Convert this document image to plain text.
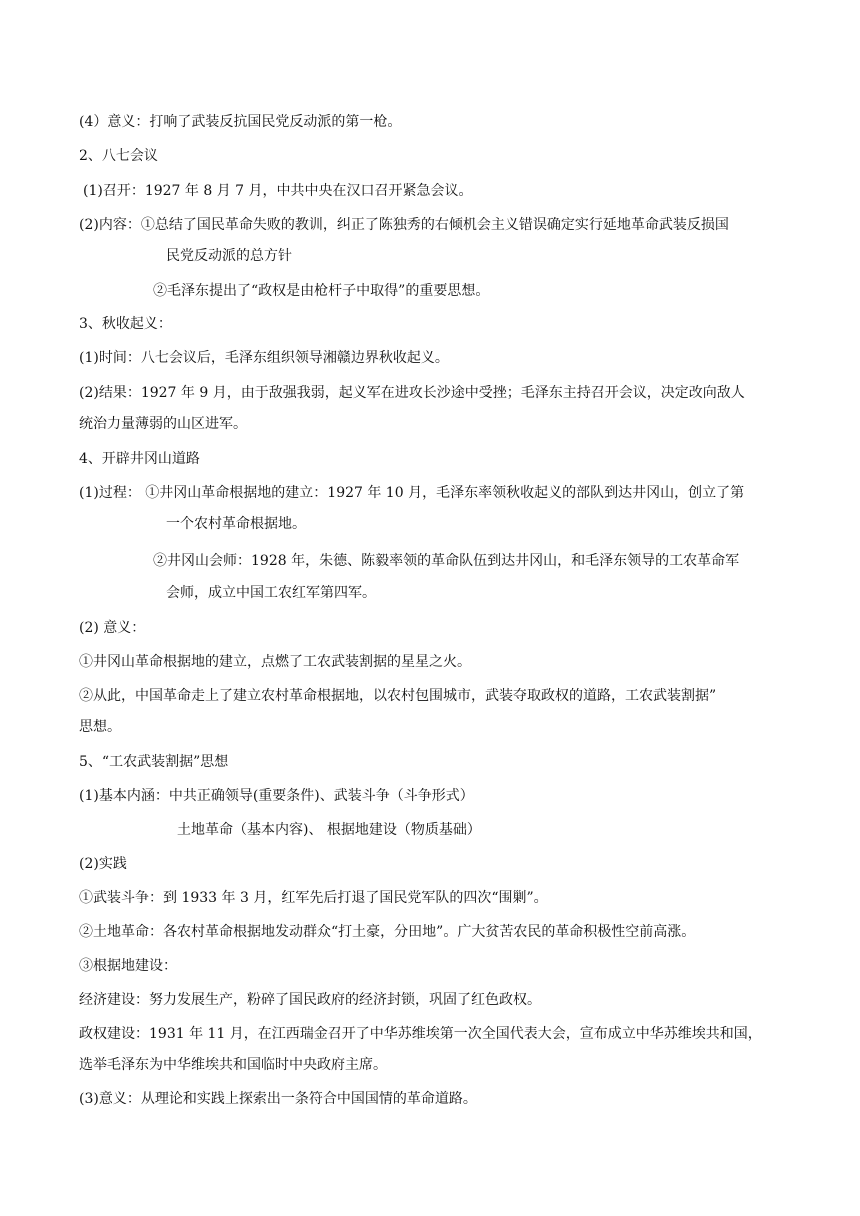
(4）意义：打响了武装反抗国民党反动派的第一枪。
2、八七会议
(1)召开：1927 年 8 月 7 月，中共中央在汉口召开紧急会议。
(2)内容：①总结了国民革命失败的教训，纠正了陈独秀的右倾机会主义错误确定实行延地革命武装反损国
民党反动派的总方针
②毛泽东提出了“政权是由枪杆子中取得”的重要思想。
3、秋收起义：
(1)时间：八七会议后，毛泽东组织领导湘赣边界秋收起义。
(2)结果：1927 年 9 月，由于敌强我弱，起义军在进攻长沙途中受挫；毛泽东主持召开会议，决定改向敌人
统治力量薄弱的山区进军。
4、开辟井冈山道路
(1)过程： ①井冈山革命根据地的建立：1927 年 10 月，毛泽东率领秋收起义的部队到达井冈山，创立了第
一个农村革命根据地。
②井冈山会师：1928 年，朱德、陈毅率领的革命队伍到达井冈山，和毛泽东领导的工农革命军
会师，成立中国工农红军第四军。
(2) 意义：
①井冈山革命根据地的建立，点燃了工农武装割据的星星之火。
②从此，中国革命走上了建立农村革命根据地，以农村包围城市，武装夺取政权的道路，工农武装割据”
思想。
5、“工农武装割据”思想
(1)基本内涵：中共正确领导(重要条件)、武装斗争（斗争形式）
土地革命（基本内容)、 根据地建设（物质基础）
(2)实践
①武装斗争：到 1933 年 3 月，红军先后打退了国民党军队的四次“围剿”。
②土地革命：各农村革命根据地发动群众“打土豪，分田地”。广大贫苦农民的革命积极性空前高涨。
③根据地建设：
经济建设：努力发展生产，粉碎了国民政府的经济封锁，巩固了红色政权。
政权建设：1931 年 11 月，在江西瑞金召开了中华苏维埃第一次全国代表大会，宣布成立中华苏维埃共和国，
选举毛泽东为中华维埃共和国临时中央政府主席。
(3)意义：从理论和实践上探索出一条符合中国国情的革命道路。
